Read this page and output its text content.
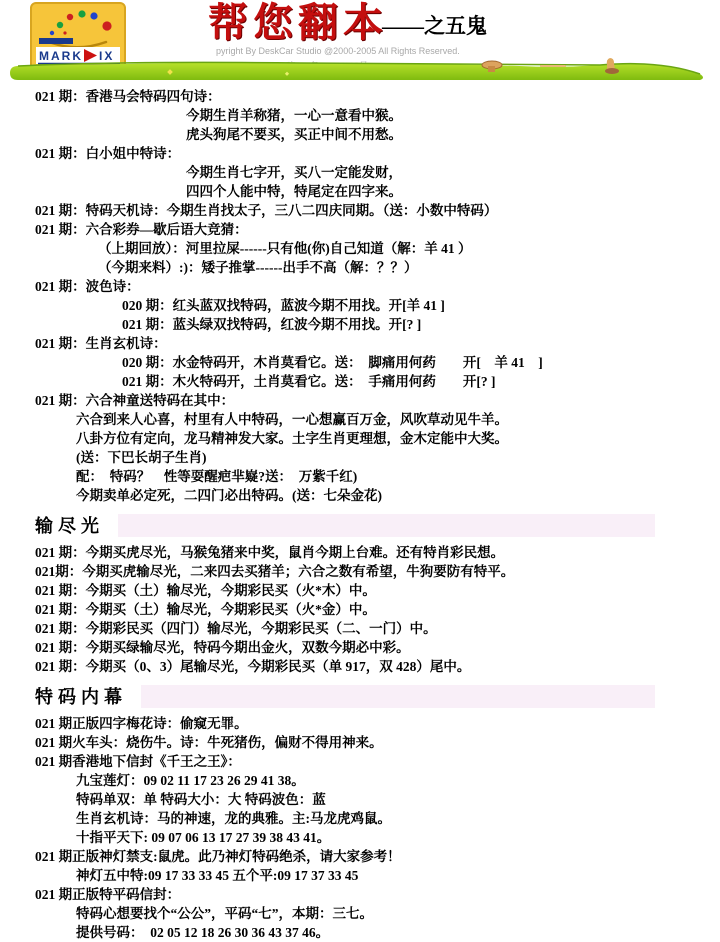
MARK IX
帮您翻本——之五鬼
pyright By DeskCar Studio @2000-2005 All Rights Reserved.
021 期：香港马会特码四句诗：
今期生肖羊称猪，一心一意看中猴。
虎头狗尾不要买，买正中间不用愁。
021 期：白小姐中特诗：
今期生肖七字开，买八一定能发财，
四四个人能中特，特尾定在四字来。
021 期：特码天机诗：今期生肖找太子，三八二四庆同期。（送：小数中特码）
021 期：六合彩券—歇后语大竞猜：
（上期回放）：河里拉屎------只有他(你)自己知道（解：羊 41 ）
（今期来料）:)：矮子推掌------出手不高（解：？？）
021 期：波色诗：
020 期：红头蓝双找特码，蓝波今期不用找。开[羊 41 ]
021 期：蓝头绿双找特码，红波今期不用找。开[? ]
021 期：生肖玄机诗：
020 期：水金特码开，木肖莫看它。送：　脚痛用何药　　开[　羊 41　]
021 期：木火特码开，土肖莫看它。送：　手痛用何药　　开[? ]
021 期：六合神童送特码在其中：
六合到来人心喜，村里有人中特码，一心想赢百万金，风吹草动见牛羊。
八卦方位有定向，龙马精神发大家。土字生肖更理想，金木定能中大奖。
(送：下巴长胡子生肖)
配：　特码？　性等耍醒疤芈嶷?送：　万紫千红)
今期卖单必定死，二四门必出特码。(送：七朵金花)
输尽光
021 期：今期买虎尽光，马猴兔猪来中奖，鼠肖今期上台难。还有特肖彩民想。
021期：今期买虎输尽光，二来四去买猪羊；六合之数有希望，牛狗要防有特平。
021 期：今期买（土）输尽光，今期彩民买（火*木）中。
021 期：今期买（土）输尽光，今期彩民买（火*金）中。
021 期：今期彩民买（四门）输尽光，今期彩民买（二、一门）中。
021 期：今期买绿输尽光，特码今期出金火，双数今期必中彩。
021 期：今期买（0、3）尾输尽光，今期彩民买（单 917，双 428）尾中。
特码内幕
021 期正版四字梅花诗：偷窥无罪。
021 期火车头：烧伤牛。诗：牛死猪伤，偏财不得用神来。
021 期香港地下信封《千王之王》：
九宝莲灯：09 02 11 17 23 26 29 41 38。
特码单双：单 特码大小：大 特码波色：蓝
生肖玄机诗：马的神速，龙的典雅。主:马龙虎鸡鼠。
十指平天下: 09 07 06 13 17 27 39 38 43 41。
021 期正版神灯禁支:鼠虎。此乃神灯特码绝杀，请大家参考！
神灯五中特:09 17 33 33 45 五个平:09 17 37 33 45
021 期正版特平码信封：
特码心想要找个“公公”，平码“七”，本期：三七。
提供号码：　02 05 12 18 26 30 36 43 37 46。
